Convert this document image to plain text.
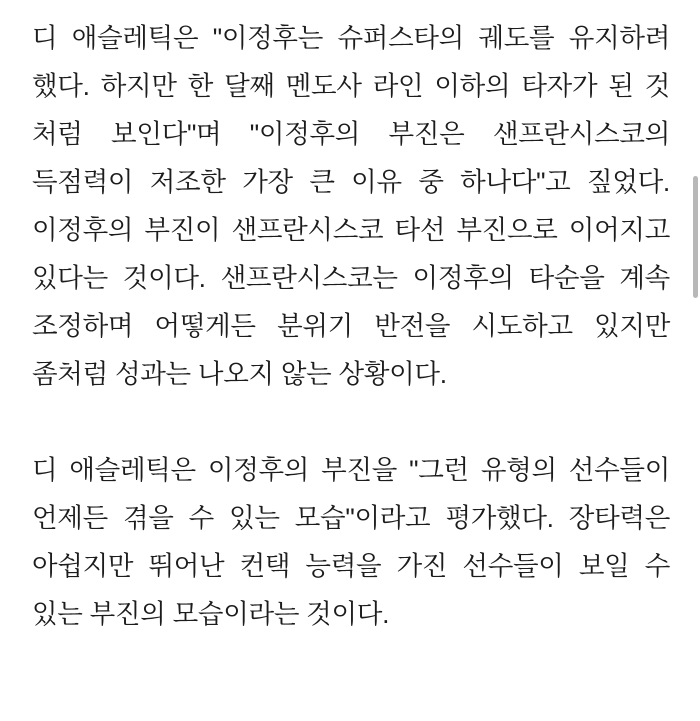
디 애슬레틱은 "이정후는 슈퍼스타의 궤도를 유지하려 했다. 하지만 한 달째 멘도사 라인 이하의 타자가 된 것 처럼 보인다"며 "이정후의 부진은 샌프란시스코의 득점력이 저조한 가장 큰 이유 중 하나다"고 짚었다. 이정후의 부진이 샌프란시스코 타선 부진으로 이어지고 있다는 것이다. 샌프란시스코는 이정후의 타순을 계속 조정하며 어떻게든 분위기 반전을 시도하고 있지만 좀처럼 성과는 나오지 않는 상황이다.

디 애슬레틱은 이정후의 부진을 "그런 유형의 선수들이 언제든 겪을 수 있는 모습"이라고 평가했다. 장타력은 아쉽지만 뛰어난 컨택 능력을 가진 선수들이 보일 수 있는 부진의 모습이라는 것이다.
